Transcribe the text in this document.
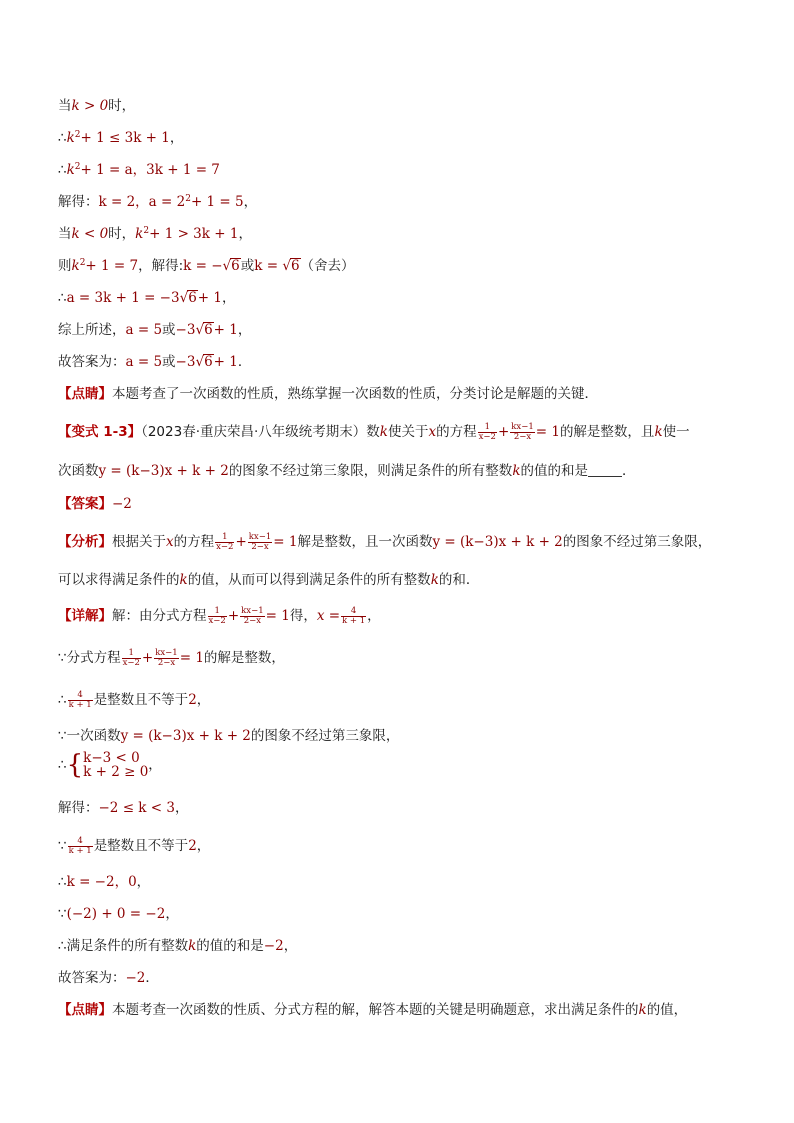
当k > 0时，
$\therefore k^2+ 1 \le 3k + 1$，
$\therefore k^2+ 1 = a$，3k + 1 = 7
解得：k = 2，$a = 2^2+ 1 = 5$，
当k < 0时，$k^2+ 1 > 3k + 1$，
则$k^2+ 1 = 7$，解得:k = −√6或k = √6（舍去）
∴a = 3k + 1 = −3√6+ 1，
综上所述，a = 5或−3√6+ 1，
故答案为：a = 5或−3√6+ 1．
【点睛】本题考查了一次函数的性质，熟练掌握一次函数的性质，分类讨论是解题的关键．
【变式 1-3】（2023春·重庆荣昌·八年级统考期末）数k使关于x的方程 $\frac{1}{x-2} + \frac{kx-1}{2-x} = 1$的解是整数，且k使一
次函数y = (k−3)x + k + 2的图象不经过第三象限，则满足条件的所有整数k的值的和是	．
【答案】−2
【分析】根据关于x的方程 $\frac{1}{x-2} + \frac{kx-1}{2-x} = 1$解是整数，且一次函数y = (k−3)x + k + 2的图象不经过第三象限，
可以求得满足条件的k的值，从而可以得到满足条件的所有整数k的和．
【详解】解：由分式方程 $\frac{1}{x-2} + \frac{kx-1}{2-x} = 1$得，$x = \frac{4}{k + 1}$ ，
∵分式方程 $\frac{1}{x-2} + \frac{kx-1}{2-x} = 1$的解是整数，
∴ $\frac{4}{k + 1}$ 是整数且不等于2，
∵一次函数y = (k−3)x + k + 2的图象不经过第三象限，
∴{ k−3 < 0
k + 2 ≥ 0 ，
解得：−2 ≤ k < 3，
∵ $\frac{4}{k + 1}$ 是整数且不等于2，
∴k = −2，0，
∵(−2) + 0 = −2，
∴满足条件的所有整数k的值的和是−2，
故答案为：−2．
【点睛】本题考查一次函数的性质、分式方程的解，解答本题的关键是明确题意，求出满足条件的k的值，
